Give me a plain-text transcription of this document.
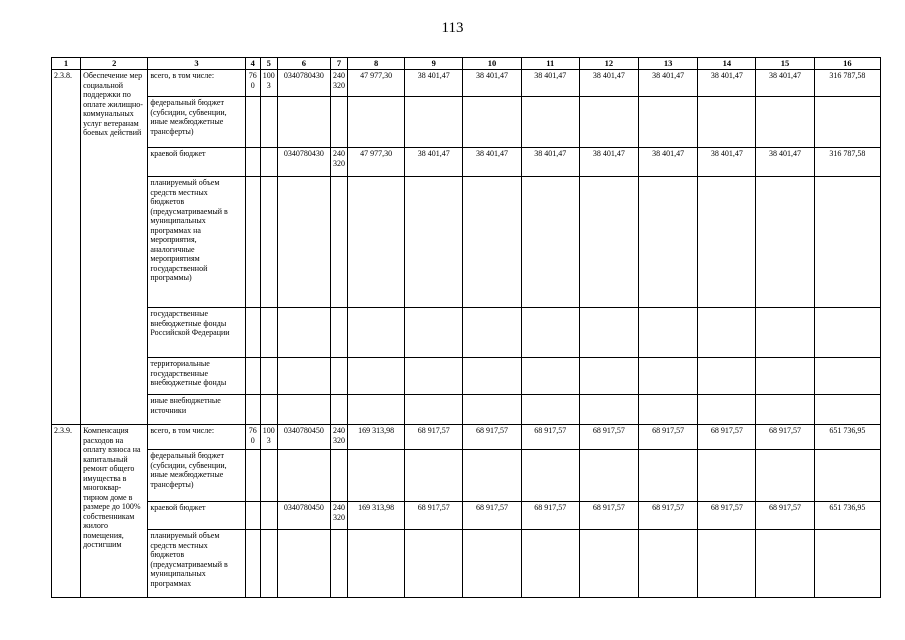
113
1	2	3	4	5	6	7	8	9	10	11	12	13	14	15	16
2.3.8.	Обеспечение мер социальной поддержки по оплате жилищно-коммунальных услуг ветеранам боевых действий	всего, в том числе:	760	1003	0340780430	240 320	47 977,30	38 401,47	38 401,47	38 401,47	38 401,47	38 401,47	38 401,47	38 401,47	316 787,58
		федеральный бюджет (субсидии, субвенции, иные межбюджетные трансферты)													
		краевой бюджет			0340780430	240 320	47 977,30	38 401,47	38 401,47	38 401,47	38 401,47	38 401,47	38 401,47	38 401,47	316 787,58
		планируемый объем средств местных бюджетов (предусматриваемый в муниципальных программах на мероприятия, аналогичные мероприятиям государственной программы)													
		государственные внебюджетные фонды Российской Федерации													
		территориальные государственные внебюджетные фонды													
		иные внебюджетные источники													
2.3.9.	Компенсация расходов на оплату взноса на капитальный ремонт общего имущества в многоквар-тирном доме в размере до 100% собственникам жилого помещения, достигшим	всего, в том числе:	760	1003	0340780450	240 320	169 313,98	68 917,57	68 917,57	68 917,57	68 917,57	68 917,57	68 917,57	68 917,57	651 736,95
		федеральный бюджет (субсидии, субвенции, иные межбюджетные трансферты)													
		краевой бюджет			0340780450	240 320	169 313,98	68 917,57	68 917,57	68 917,57	68 917,57	68 917,57	68 917,57	68 917,57	651 736,95
		планируемый объем средств местных бюджетов (предусматриваемый в муниципальных программах													
